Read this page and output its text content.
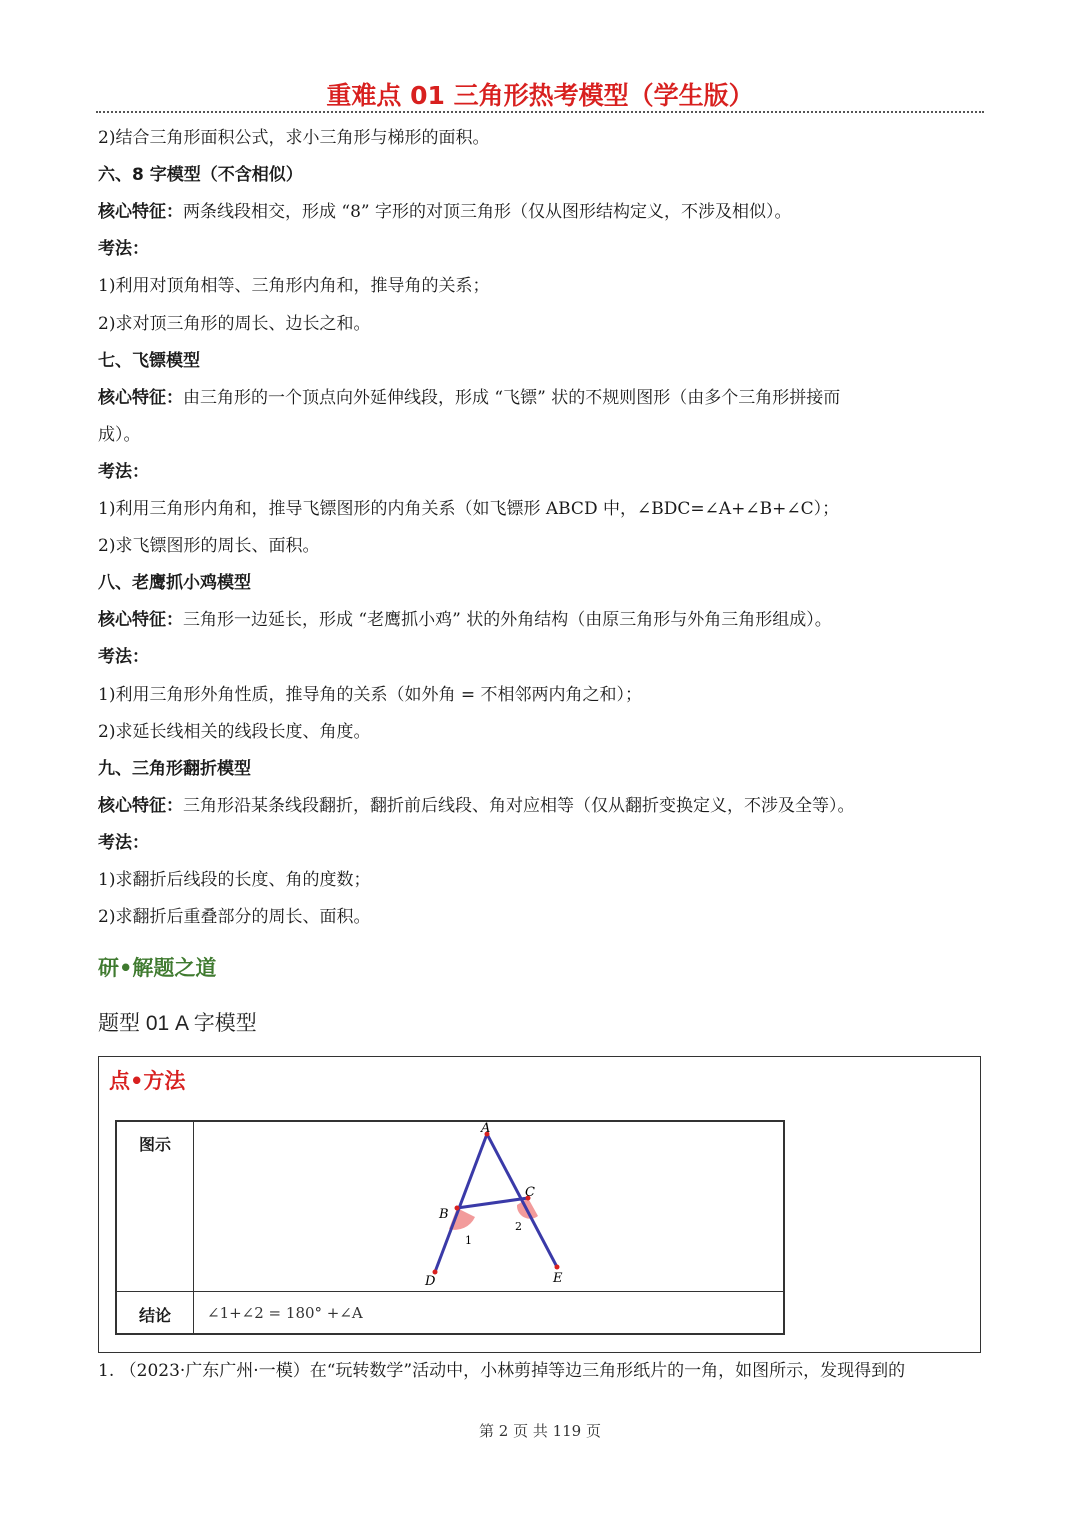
重难点 01 三角形热考模型（学生版）
2)结合三角形面积公式，求小三角形与梯形的面积。
六、8 字模型（不含相似）
核心特征：两条线段相交，形成 “8” 字形的对顶三角形（仅从图形结构定义，不涉及相似）。
考法：
1)利用对顶角相等、三角形内角和，推导角的关系；
2)求对顶三角形的周长、边长之和。
七、飞镖模型
核心特征：由三角形的一个顶点向外延伸线段，形成 “飞镖” 状的不规则图形（由多个三角形拼接而
成）。
考法：
1)利用三角形内角和，推导飞镖图形的内角关系（如飞镖形 ABCD 中，∠BDC=∠A+∠B+∠C）；
2)求飞镖图形的周长、面积。
八、老鹰抓小鸡模型
核心特征：三角形一边延长，形成 “老鹰抓小鸡” 状的外角结构（由原三角形与外角三角形组成）。
考法：
1)利用三角形外角性质，推导角的关系（如外角 = 不相邻两内角之和）；
2)求延长线相关的线段长度、角度。
九、三角形翻折模型
核心特征：三角形沿某条线段翻折，翻折前后线段、角对应相等（仅从翻折变换定义，不涉及全等）。
考法：
1)求翻折后线段的长度、角的度数；
2)求翻折后重叠部分的周长、面积。
研•解题之道
题型 01 A 字模型
点•方法
图示
结论 ∠1+∠2 = 180° +∠A
A
B
C
D	E
1
2
1. （2023·广东广州·一模）在“玩转数学”活动中，小林剪掉等边三角形纸片的一角，如图所示，发现得到的
第 2 页 共 119 页
